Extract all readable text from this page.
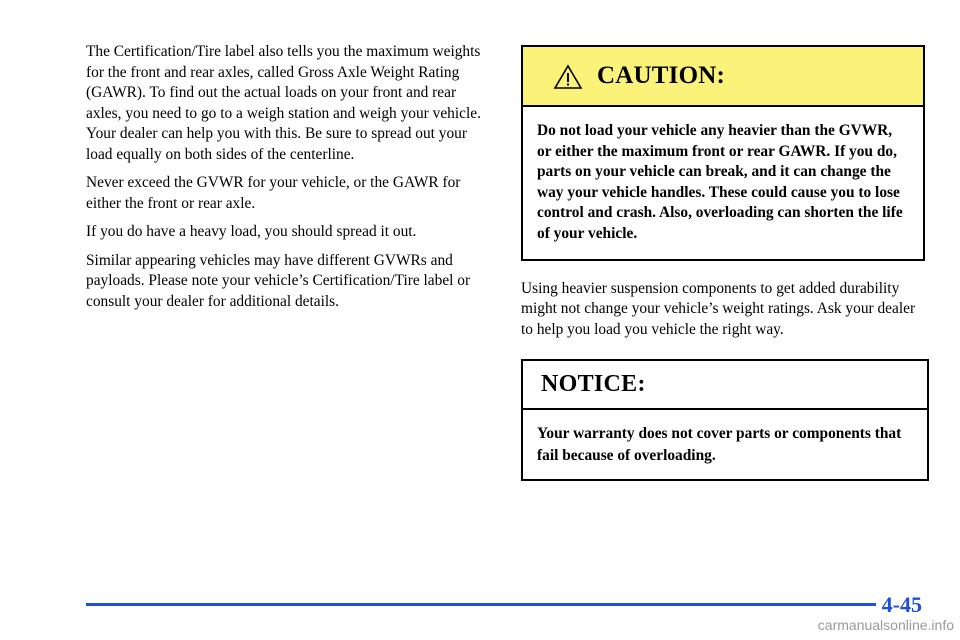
The Certification/Tire label also tells you the maximum weights for the front and rear axles, called Gross Axle Weight Rating (GAWR). To find out the actual loads on your front and rear axles, you need to go to a weigh station and weigh your vehicle. Your dealer can help you with this. Be sure to spread out your load equally on both sides of the centerline.

Never exceed the GVWR for your vehicle, or the GAWR for either the front or rear axle.

If you do have a heavy load, you should spread it out.

Similar appearing vehicles may have different GVWRs and payloads. Please note your vehicle’s Certification/Tire label or consult your dealer for additional details.

CAUTION:
Do not load your vehicle any heavier than the GVWR, or either the maximum front or rear GAWR. If you do, parts on your vehicle can break, and it can change the way your vehicle handles. These could cause you to lose control and crash. Also, overloading can shorten the life of your vehicle.

Using heavier suspension components to get added durability might not change your vehicle’s weight ratings. Ask your dealer to help you load you vehicle the right way.

NOTICE:
Your warranty does not cover parts or components that fail because of overloading.
4-45
carmanualsonline.info
